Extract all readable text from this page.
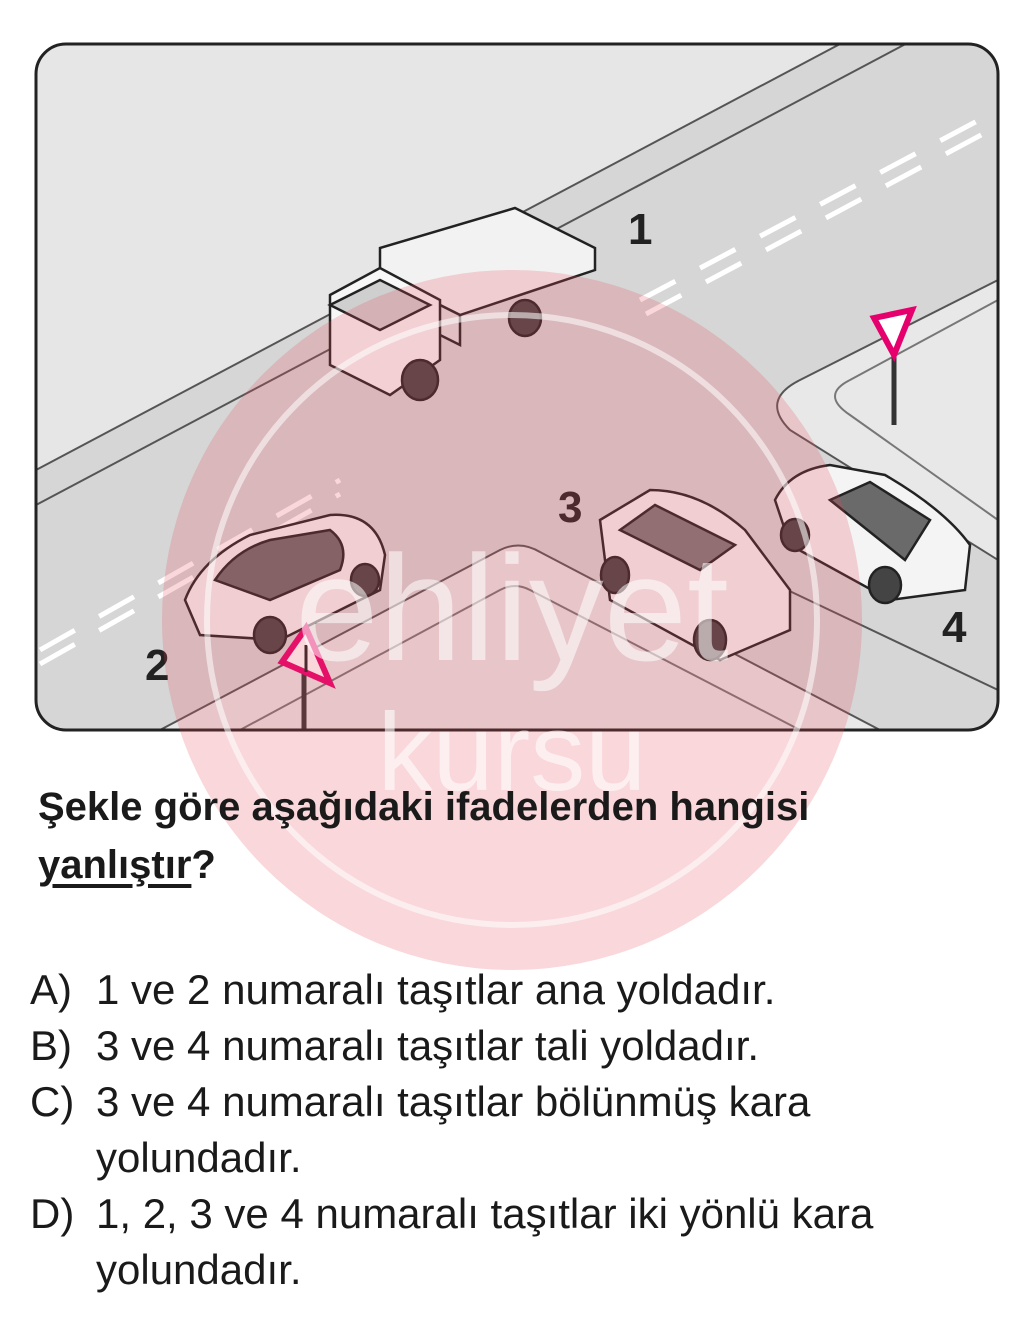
1
2
3
4
ehliyet
kursu
Şekle göre aşağıdaki ifadelerden hangisi
yanlıştır?
A) 1 ve 2 numaralı taşıtlar ana yoldadır.
B) 3 ve 4 numaralı taşıtlar tali yoldadır.
C) 3 ve 4 numaralı taşıtlar bölünmüş kara yolundadır.
D) 1, 2, 3 ve 4 numaralı taşıtlar iki yönlü kara yolundadır.
